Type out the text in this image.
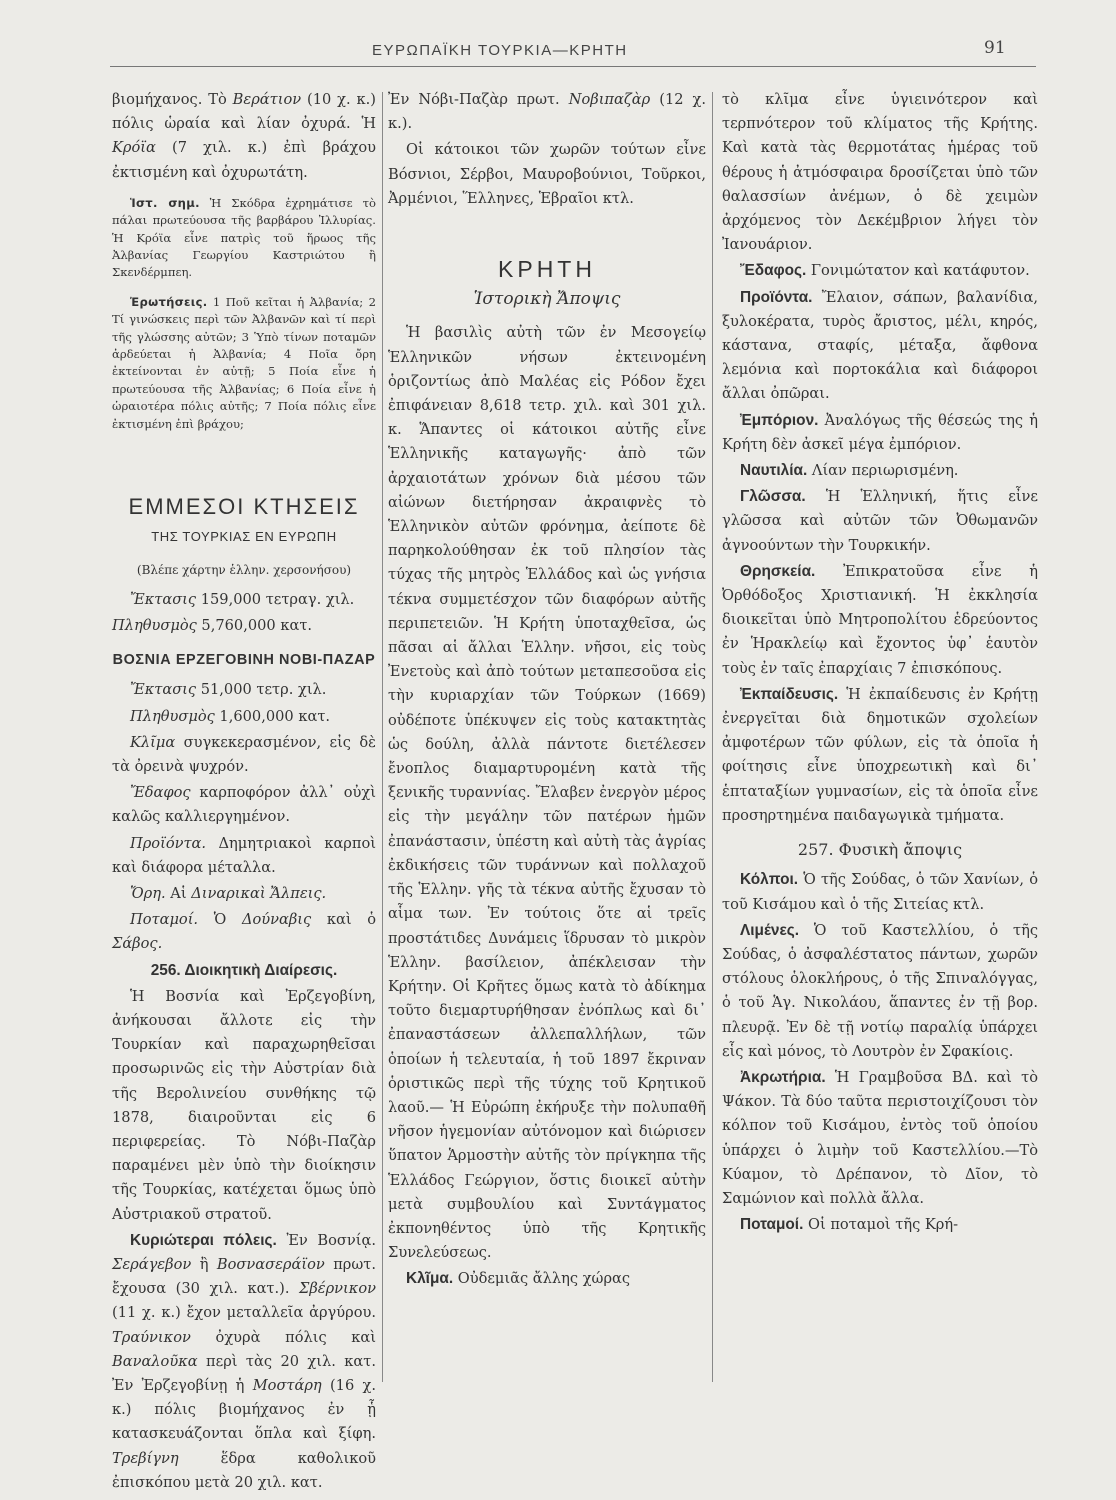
ΕΥΡΩΠΑΪΚΗ ΤΟΥΡΚΙΑ—ΚΡΗΤΗ	91

βιομήχανος. Τὸ Βεράτιον (10 χ. κ.) πόλις ὡραία καὶ λίαν ὀχυρά. Ἡ Κρόϊα (7 χιλ. κ.) ἐπὶ βράχου ἐκτισμένη καὶ ὀχυρωτάτη.

Ἱστ. σημ. Ἡ Σκόδρα ἐχρημάτισε τὸ πάλαι πρωτεύουσα τῆς βαρβάρου Ἰλλυρίας. Ἡ Κρόϊα εἶνε πατρὶς τοῦ ἥρωος τῆς Ἀλβανίας Γεωργίου Καστριώτου ἢ Σκενδέρμπεη.

Ἐρωτήσεις. 1 Ποῦ κεῖται ἡ Ἀλβανία; 2 Τί γινώσκεις περὶ τῶν Ἀλβανῶν καὶ τί περὶ τῆς γλώσσης αὐτῶν; 3 Ὑπὸ τίνων ποταμῶν ἀρδεύεται ἡ Ἀλβανία; 4 Ποῖα ὄρη ἐκτείνονται ἐν αὐτῇ; 5 Ποία εἶνε ἡ πρωτεύουσα τῆς Ἀλβανίας; 6 Ποία εἶνε ἡ ὡραιοτέρα πόλις αὐτῆς; 7 Ποία πόλις εἶνε ἐκτισμένη ἐπὶ βράχου;

ΕΜΜΕΣΟΙ ΚΤΗΣΕΙΣ
ΤΗΣ ΤΟΥΡΚΙΑΣ ΕΝ ΕΥΡΩΠΗ
(Βλέπε χάρτην ἑλλην. χερσονήσου)

Ἔκτασις 159,000 τετραγ. χιλ.

Πληθυσμὸς 5,760,000 κατ.

ΒΟΣΝΙΑ ΕΡΖΕΓΟΒΙΝΗ ΝΟΒΙ-ΠΑΖΑΡ

Ἔκτασις 51,000 τετρ. χιλ.

Πληθυσμὸς 1,600,000 κατ.

Κλῖμα συγκεκερασμένον, εἰς δὲ τὰ ὀρεινὰ ψυχρόν.

Ἔδαφος καρποφόρον ἀλλ᾽ οὐχὶ καλῶς καλλιεργημένον.

Προϊόντα. Δημητριακοὶ καρποὶ καὶ διάφορα μέταλλα.

Ὄρη. Αἱ Διναρικαὶ Ἄλπεις.

Ποταμοί. Ὁ Δούναβις καὶ ὁ Σάβος.

256. Διοικητικὴ Διαίρεσις.

Ἡ Βοσνία καὶ Ἐρζεγοβίνη, ἀνήκουσαι ἄλλοτε εἰς τὴν Τουρκίαν καὶ παραχωρηθεῖσαι προσωρινῶς εἰς τὴν Αὐστρίαν διὰ τῆς Βερολινείου συνθήκης τῷ 1878, διαιροῦνται εἰς 6 περιφερείας. Τὸ Νόβι-Παζὰρ παραμένει μὲν ὑπὸ τὴν διοίκησιν τῆς Τουρκίας, κατέχεται ὅμως ὑπὸ Αὐστριακοῦ στρατοῦ.

Κυριώτεραι πόλεις. Ἐν Βοσνίᾳ. Σεράγεβον ἢ Βοσνασεράϊον πρωτ. ἔχουσα (30 χιλ. κατ.). Σβέρνικον (11 χ. κ.) ἔχον μεταλλεῖα ἀργύρου. Τραύνικον ὀχυρὰ πόλις καὶ Βαναλοῦκα περὶ τὰς 20 χιλ. κατ. Ἐν Ἐρζεγοβίνῃ ἡ Μοστάρη (16 χ. κ.) πόλις βιομήχανος ἐν ᾗ κατασκευάζονται ὅπλα καὶ ξίφη. Τρεβίγνη ἕδρα καθολικοῦ ἐπισκόπου μετὰ 20 χιλ. κατ.

Ἐν Νόβι-Παζὰρ πρωτ. Νοβιπαζὰρ (12 χ. κ.).

Οἱ κάτοικοι τῶν χωρῶν τούτων εἶνε Βόσνιοι, Σέρβοι, Μαυροβούνιοι, Τοῦρκοι, Ἀρμένιοι, Ἕλληνες, Ἑβραῖοι κτλ.

ΚΡΗΤΗ
Ἱστορικὴ Ἄποψις

Ἡ βασιλὶς αὐτὴ τῶν ἐν Μεσογείῳ Ἑλληνικῶν νήσων ἐκτεινομένη ὁριζοντίως ἀπὸ Μαλέας εἰς Ρόδον ἔχει ἐπιφάνειαν 8,618 τετρ. χιλ. καὶ 301 χιλ. κ. Ἅπαντες οἱ κάτοικοι αὐτῆς εἶνε Ἑλληνικῆς καταγωγῆς· ἀπὸ τῶν ἀρχαιοτάτων χρόνων διὰ μέσου τῶν αἰώνων διετήρησαν ἀκραιφνὲς τὸ Ἑλληνικὸν αὐτῶν φρόνημα, ἀείποτε δὲ παρηκολούθησαν ἐκ τοῦ πλησίον τὰς τύχας τῆς μητρὸς Ἑλλάδος καὶ ὡς γνήσια τέκνα συμμετέσχον τῶν διαφόρων αὐτῆς περιπετειῶν. Ἡ Κρήτη ὑποταχθεῖσα, ὡς πᾶσαι αἱ ἄλλαι Ἑλλην. νῆσοι, εἰς τοὺς Ἐνετοὺς καὶ ἀπὸ τούτων μεταπεσοῦσα εἰς τὴν κυριαρχίαν τῶν Τούρκων (1669) οὐδέποτε ὑπέκυψεν εἰς τοὺς κατακτητὰς ὡς δούλη, ἀλλὰ πάντοτε διετέλεσεν ἔνοπλος διαμαρτυρομένη κατὰ τῆς ξενικῆς τυραννίας. Ἔλαβεν ἐνεργὸν μέρος εἰς τὴν μεγάλην τῶν πατέρων ἡμῶν ἐπανάστασιν, ὑπέστη καὶ αὐτὴ τὰς ἀγρίας ἐκδικήσεις τῶν τυράννων καὶ πολλαχοῦ τῆς Ἑλλην. γῆς τὰ τέκνα αὐτῆς ἔχυσαν τὸ αἷμα των. Ἐν τούτοις ὅτε αἱ τρεῖς προστάτιδες Δυνάμεις ἵδρυσαν τὸ μικρὸν Ἑλλην. βασίλειον, ἀπέκλεισαν τὴν Κρήτην. Οἱ Κρῆτες ὅμως κατὰ τὸ ἀδίκημα τοῦτο διεμαρτυρήθησαν ἐνόπλως καὶ δι᾽ ἐπαναστάσεων ἀλλεπαλλήλων, τῶν ὁποίων ἡ τελευταία, ἡ τοῦ 1897 ἔκριναν ὁριστικῶς περὶ τῆς τύχης τοῦ Κρητικοῦ λαοῦ.— Ἡ Εὐρώπη ἐκήρυξε τὴν πολυπαθῆ νῆσον ἡγεμονίαν αὐτόνομον καὶ διώρισεν ὕπατον Ἁρμοστὴν αὐτῆς τὸν πρίγκηπα τῆς Ἑλλάδος Γεώργιον, ὅστις διοικεῖ αὐτὴν μετὰ συμβουλίου καὶ Συντάγματος ἐκπονηθέντος ὑπὸ τῆς Κρητικῆς Συνελεύσεως.

Κλῖμα. Οὐδεμιᾶς ἄλλης χώρας

τὸ κλῖμα εἶνε ὑγιεινότερον καὶ τερπνότερον τοῦ κλίματος τῆς Κρήτης. Καὶ κατὰ τὰς θερμοτάτας ἡμέρας τοῦ θέρους ἡ ἀτμόσφαιρα δροσίζεται ὑπὸ τῶν θαλασσίων ἀνέμων, ὁ δὲ χειμὼν ἀρχόμενος τὸν Δεκέμβριον λήγει τὸν Ἰανουάριον.

Ἔδαφος. Γονιμώτατον καὶ κατάφυτον.

Προϊόντα. Ἔλαιον, σάπων, βαλανίδια, ξυλοκέρατα, τυρὸς ἄριστος, μέλι, κηρός, κάστανα, σταφίς, μέταξα, ἄφθονα λεμόνια καὶ πορτοκάλια καὶ διάφοροι ἄλλαι ὀπῶραι.

Ἐμπόριον. Ἀναλόγως τῆς θέσεώς της ἡ Κρήτη δὲν ἀσκεῖ μέγα ἐμπόριον.

Ναυτιλία. Λίαν περιωρισμένη.

Γλῶσσα. Ἡ Ἑλληνική, ἥτις εἶνε γλῶσσα καὶ αὐτῶν τῶν Ὀθωμανῶν ἀγνοούντων τὴν Τουρκικήν.

Θρησκεία. Ἐπικρατοῦσα εἶνε ἡ Ὀρθόδοξος Χριστιανική. Ἡ ἐκκλησία διοικεῖται ὑπὸ Μητροπολίτου ἑδρεύοντος ἐν Ἡρακλείῳ καὶ ἔχοντος ὑφ᾽ ἑαυτὸν τοὺς ἐν ταῖς ἐπαρχίαις 7 ἐπισκόπους.

Ἐκπαίδευσις. Ἡ ἐκπαίδευσις ἐν Κρήτῃ ἐνεργεῖται διὰ δημοτικῶν σχολείων ἀμφοτέρων τῶν φύλων, εἰς τὰ ὁποῖα ἡ φοίτησις εἶνε ὑποχρεωτικὴ καὶ δι᾽ ἑπταταξίων γυμνασίων, εἰς τὰ ὁποῖα εἶνε προσηρτημένα παιδαγωγικὰ τμήματα.

257. Φυσικὴ ἄποψις

Κόλποι. Ὁ τῆς Σούδας, ὁ τῶν Χανίων, ὁ τοῦ Κισάμου καὶ ὁ τῆς Σιτείας κτλ.

Λιμένες. Ὁ τοῦ Καστελλίου, ὁ τῆς Σούδας, ὁ ἀσφαλέστατος πάντων, χωρῶν στόλους ὁλοκλήρους, ὁ τῆς Σπιναλόγγας, ὁ τοῦ Ἁγ. Νικολάου, ἅπαντες ἐν τῇ βορ. πλευρᾷ. Ἐν δὲ τῇ νοτίῳ παραλίᾳ ὑπάρχει εἷς καὶ μόνος, τὸ Λουτρὸν ἐν Σφακίοις.

Ἀκρωτήρια. Ἡ Γραμβοῦσα ΒΔ. καὶ τὸ Ψάκον. Τὰ δύο ταῦτα περιστοιχίζουσι τὸν κόλπον τοῦ Κισάμου, ἐντὸς τοῦ ὁποίου ὑπάρχει ὁ λιμὴν τοῦ Καστελλίου.—Τὸ Κύαμον, τὸ Δρέπανον, τὸ Δῖον, τὸ Σαμώνιον καὶ πολλὰ ἄλλα.

Ποταμοί. Οἱ ποταμοὶ τῆς Κρή-
